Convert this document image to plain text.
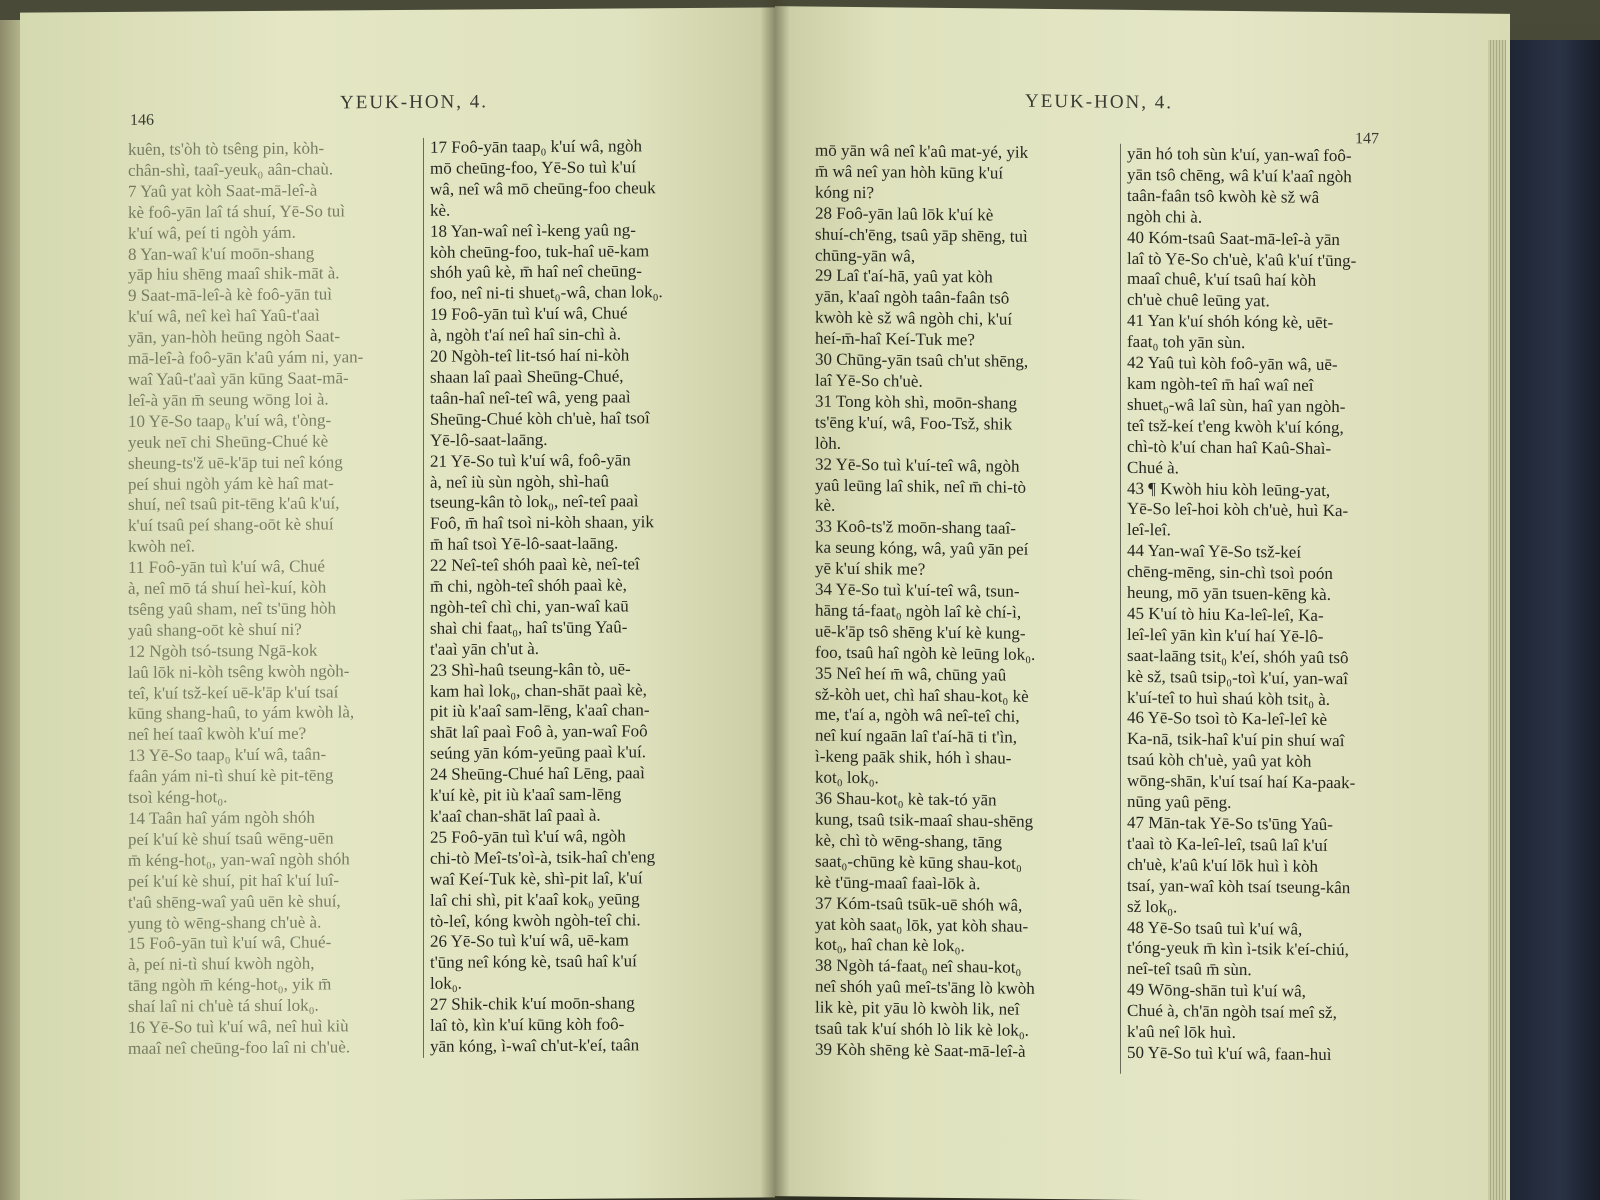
146
YEUK-HON, 4.

kuên, ts'òh tò tsêng pin, kòh-

chân-shì, taaî-yeuk₀ aân-chaù.

7 Yaû yat kòh Saat-mā-leî-à

kè foô-yān laî tá shuí, Yē-So tuì

k'uí wâ, peí ti ngòh yám.

8 Yan-waî k'uí moōn-shang

yāp hiu shēng maaî shik-māt à.

9 Saat-mā-leî-à kè foô-yān tuì

k'uí wâ, neî keì haî Yaû-t'aaì

yān, yan-hòh heūng ngòh Saat-

mā-leî-à foô-yān k'aû yám ni, yan-

waî Yaû-t'aaì yān kūng Saat-mā-

leî-à yān m̄ seung wōng loi à.

10 Yē-So taap₀ k'uí wâ, t'òng-

yeuk neī chi Sheūng-Chué kè

sheung-ts'ž uē-k'āp tui neî kóng

peí shui ngòh yám kè haî mat-

shuí, neî tsaû pit-tēng k'aû k'uí,

k'uí tsaû peí shang-oōt kè shuí

kwòh neî.

11 Foô-yān tuì k'uí wâ, Chué

à, neî mō tá shuí heì-kuí, kòh

tsêng yaû sham, neî ts'ūng hòh

yaû shang-oōt kè shuí ni?

12 Ngòh tsó-tsung Ngā-kok

laû lōk ni-kòh tsêng kwòh ngòh-

teî, k'uí tsž-keí uē-k'āp k'uí tsaí

kūng shang-haû, to yám kwòh là,

neî heí taaî kwòh k'uí me?

13 Yē-So taap₀ k'uí wâ, taân-

faân yám ni-tì shuí kè pit-tēng

tsoì kéng-hot₀.

14 Taân haî yám ngòh shóh

peí k'uí kè shuí tsaû wēng-uēn

m̄ kéng-hot₀, yan-waî ngòh shóh

peí k'uí kè shuí, pit haî k'uí luî-

t'aû shēng-waî yaû uēn kè shuí,

yung tò wēng-shang ch'uè à.

15 Foô-yān tuì k'uí wâ, Chué-

à, peí ni-tì shuí kwòh ngòh,

tāng ngòh m̄ kéng-hot₀, yik m̄

shaí laî ni ch'uè tá shuí lok₀.

16 Yē-So tuì k'uí wâ, neî huì kiù

maaî neî cheūng-foo laî ni ch'uè.

17 Foô-yān taap₀ k'uí wâ, ngòh

mō cheūng-foo, Yē-So tuì k'uí

wâ, neî wâ mō cheūng-foo cheuk

kè.

18 Yan-waî neî ì-keng yaû ng-

kòh cheūng-foo, tuk-haî uē-kam

shóh yaû kè, m̄ haî neî cheūng-

foo, neî ni-ti shuet₀-wâ, chan lok₀.

19 Foô-yān tuì k'uí wâ, Chué

à, ngòh t'aí neî haî sin-chì à.

20 Ngòh-teî lit-tsó haí ni-kòh

shaan laî paaì Sheūng-Chué,

taân-haî neî-teî wâ, yeng paaì

Sheūng-Chué kòh ch'uè, haî tsoî

Yē-lô-saat-laāng.

21 Yē-So tuì k'uí wâ, foô-yān

à, neî iù sùn ngòh, shì-haû

tseung-kân tò lok₀, neî-teî paaì

Foô, m̄ haî tsoì ni-kòh shaan, yik

m̄ haî tsoì Yē-lô-saat-laāng.

22 Neî-teî shóh paaì kè, neî-teî

m̄ chi, ngòh-teî shóh paaì kè,

ngòh-teî chì chi, yan-waî kaū

shaì chi faat₀, haî ts'ūng Yaû-

t'aaì yān ch'ut à.

23 Shì-haû tseung-kân tò, uē-

kam haì lok₀, chan-shāt paaì kè,

pit iù k'aaî sam-lēng, k'aaî chan-

shāt laî paaì Foô à, yan-waî Foô

seúng yān kóm-yeūng paaì k'uí.

24 Sheūng-Chué haî Lēng, paaì

k'uí kè, pit iù k'aaî sam-lēng

k'aaî chan-shāt laî paaì à.

25 Foô-yān tuì k'uí wâ, ngòh

chi-tò Meî-ts'oì-à, tsik-haî ch'eng

waî Keí-Tuk kè, shì-pit laî, k'uí

laî chi shì, pit k'aaî kok₀ yeūng

tò-leî, kóng kwòh ngòh-teî chi.

26 Yē-So tuì k'uí wâ, uē-kam

t'ūng neî kóng kè, tsaû haî k'uí

lok₀.

27 Shik-chik k'uí moōn-shang

laî tò, kìn k'uí kūng kòh foô-

yān kóng, ì-waî ch'ut-k'eí, taân

YEUK-HON, 4.
147

mō yān wâ neî k'aû mat-yé, yik

m̄ wâ neî yan hòh kūng k'uí

kóng ni?

28 Foô-yān laû lōk k'uí kè

shuí-ch'ēng, tsaû yāp shēng, tuì

chūng-yān wâ,

29 Laî t'aí-hā, yaû yat kòh

yān, k'aaî ngòh taân-faân tsô

kwòh kè sž wâ ngòh chi, k'uí

heí-m̄-haî Keí-Tuk me?

30 Chūng-yān tsaû ch'ut shēng,

laî Yē-So ch'uè.

31 Tong kòh shì, moōn-shang

ts'ēng k'uí, wâ, Foo-Tsž, shik

lòh.

32 Yē-So tuì k'uí-teî wâ, ngòh

yaû leūng laî shik, neî m̄ chi-tò

kè.

33 Koô-ts'ž moōn-shang taaî-

ka seung kóng, wâ, yaû yān peí

yē k'uí shik me?

34 Yē-So tuì k'uí-teî wâ, tsun-

hāng tá-faat₀ ngòh laî kè chí-ì,

uē-k'āp tsô shēng k'uí kè kung-

foo, tsaû haî ngòh kè leūng lok₀.

35 Neî heí m̄ wâ, chūng yaû

sž-kòh uet, chì haî shau-kot₀ kè

me, t'aí a, ngòh wâ neî-teî chi,

neî kuí ngaān laî t'aí-hā ti t'ìn,

ì-keng paāk shik, hóh ì shau-

kot₀ lok₀.

36 Shau-kot₀ kè tak-tó yān

kung, tsaû tsik-maaî shau-shēng

kè, chì tò wēng-shang, tāng

saat₀-chūng kè kūng shau-kot₀

kè t'ūng-maaî faaì-lōk à.

37 Kóm-tsaû tsūk-uē shóh wâ,

yat kòh saat₀ lōk, yat kòh shau-

kot₀, haî chan kè lok₀.

38 Ngòh tá-faat₀ neî shau-kot₀

neî shóh yaû meî-ts'āng lò kwòh

lik kè, pit yāu lò kwòh lik, neî

tsaû tak k'uí shóh lò lik kè lok₀.

39 Kòh shēng kè Saat-mā-leî-à

yān hó toh sùn k'uí, yan-waî foô-

yān tsô chēng, wâ k'uí k'aaî ngòh

taân-faân tsô kwòh kè sž wâ

ngòh chi à.

40 Kóm-tsaû Saat-mā-leî-à yān

laî tò Yē-So ch'uè, k'aû k'uí t'ūng-

maaî chuê, k'uí tsaû haí kòh

ch'uè chuê leūng yat.

41 Yan k'uí shóh kóng kè, uēt-

faat₀ toh yān sùn.

42 Yaû tuì kòh foô-yān wâ, uē-

kam ngòh-teî m̄ haî waî neî

shuet₀-wâ laî sùn, haî yan ngòh-

teî tsž-keí t'eng kwòh k'uí kóng,

chì-tò k'uí chan haî Kaû-Shaì-

Chué à.

43 ¶ Kwòh hiu kòh leūng-yat,

Yē-So leî-hoi kòh ch'uè, huì Ka-

leî-leî.

44 Yan-waî Yē-So tsž-keí

chēng-mēng, sin-chì tsoì poón

heung, mō yān tsuen-kēng kà.

45 K'uí tò hiu Ka-leî-leî, Ka-

leî-leî yān kìn k'uí haí Yē-lô-

saat-laāng tsit₀ k'eí, shóh yaû tsô

kè sž, tsaû tsip₀-toì k'uí, yan-waî

k'uí-teî to huì shaú kòh tsit₀ à.

46 Yē-So tsoì tò Ka-leî-leî kè

Ka-nā, tsik-haî k'uí pin shuí waî

tsaú kòh ch'uè, yaû yat kòh

wōng-shān, k'uí tsaí haí Ka-paak-

nūng yaû pēng.

47 Mān-tak Yē-So ts'ūng Yaû-

t'aaì tò Ka-leî-leî, tsaû laî k'uí

ch'uè, k'aû k'uí lōk huì ì kòh

tsaí, yan-waî kòh tsaí tseung-kân

sž lok₀.

48 Yē-So tsaû tuì k'uí wâ,

t'óng-yeuk m̄ kìn ì-tsik k'eí-chiú,

neî-teî tsaû m̄ sùn.

49 Wōng-shān tuì k'uí wâ,

Chué à, ch'ān ngòh tsaí meî sž,

k'aû neî lōk huì.

50 Yē-So tuì k'uí wâ, faan-huì
